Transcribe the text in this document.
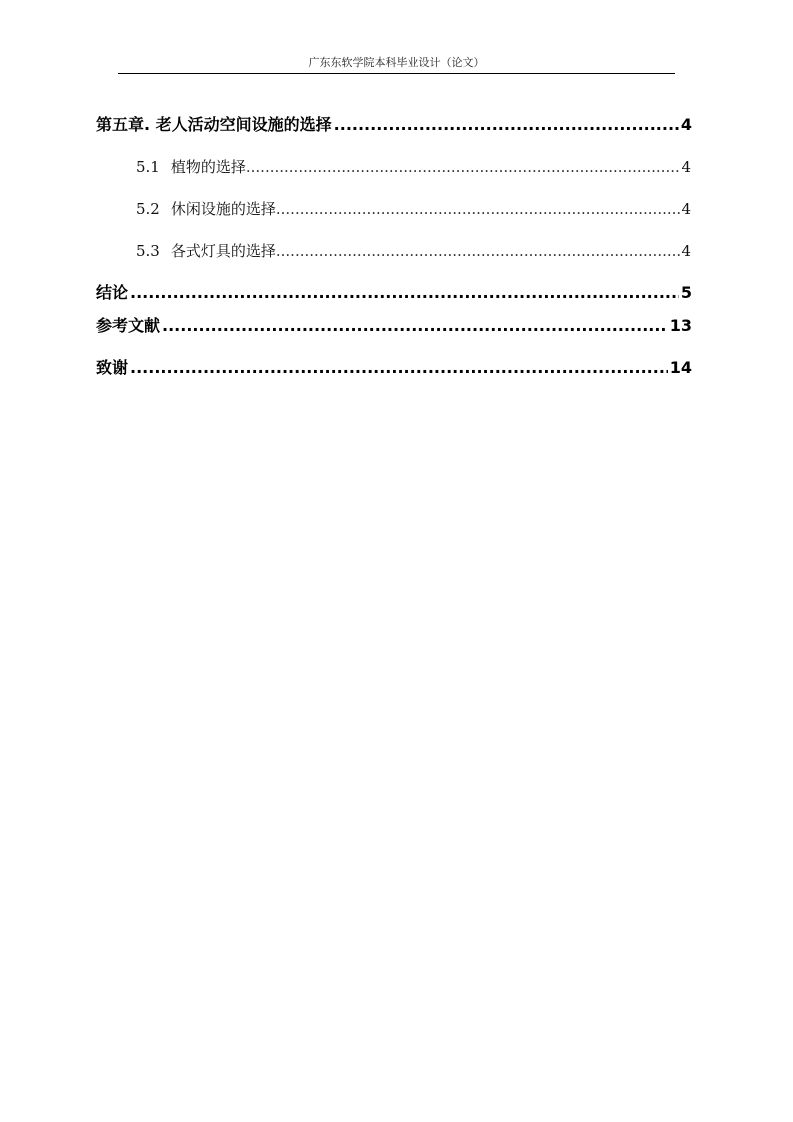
广东东软学院本科毕业设计（论文）
第五章. 老人活动空间设施的选择 .....	4
5.1 植物的选择 .....	4
5.2 休闲设施的选择 .....	4
5.3 各式灯具的选择 .....	4
结论 .....	5
参考文献 .....	13
致谢 .....	14
